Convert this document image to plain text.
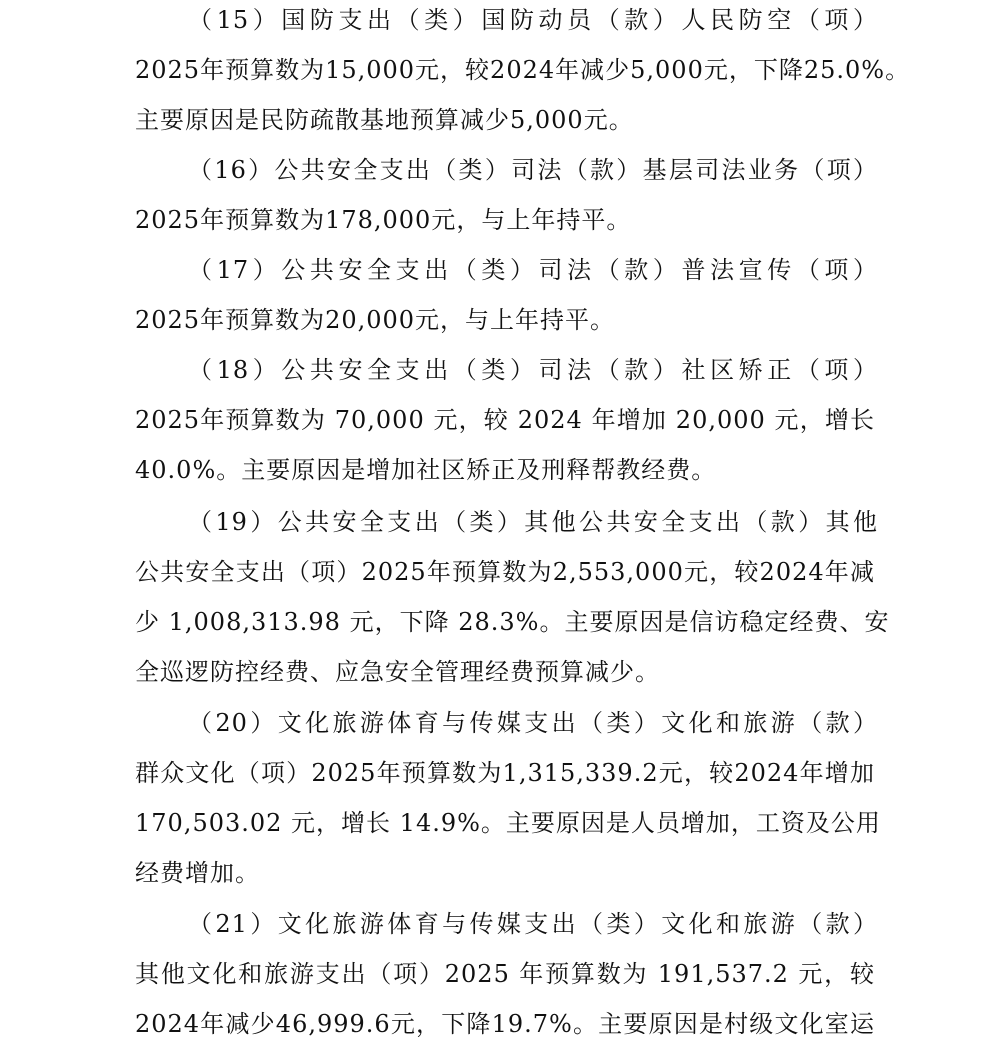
（15）国防支出（类）国防动员（款）人民防空（项）
2025年预算数为15,000元，较2024年减少5,000元，下降25.0%。
主要原因是民防疏散基地预算减少5,000元。
（16）公共安全支出（类）司法（款）基层司法业务（项）
2025年预算数为178,000元，与上年持平。
（17）公共安全支出（类）司法（款）普法宣传（项）
2025年预算数为20,000元，与上年持平。
（18）公共安全支出（类）司法（款）社区矫正（项）
2025年预算数为 70,000 元，较 2024 年增加 20,000 元，增长
40.0%。主要原因是增加社区矫正及刑释帮教经费。
（19）公共安全支出（类）其他公共安全支出（款）其他
公共安全支出（项）2025年预算数为2,553,000元，较2024年减
少 1,008,313.98 元，下降 28.3%。主要原因是信访稳定经费、安
全巡逻防控经费、应急安全管理经费预算减少。
（20）文化旅游体育与传媒支出（类）文化和旅游（款）
群众文化（项）2025年预算数为1,315,339.2元，较2024年增加
170,503.02 元，增长 14.9%。主要原因是人员增加，工资及公用
经费增加。
（21）文化旅游体育与传媒支出（类）文化和旅游（款）
其他文化和旅游支出（项）2025 年预算数为 191,537.2 元，较
2024年减少46,999.6元，下降19.7%。主要原因是村级文化室运
